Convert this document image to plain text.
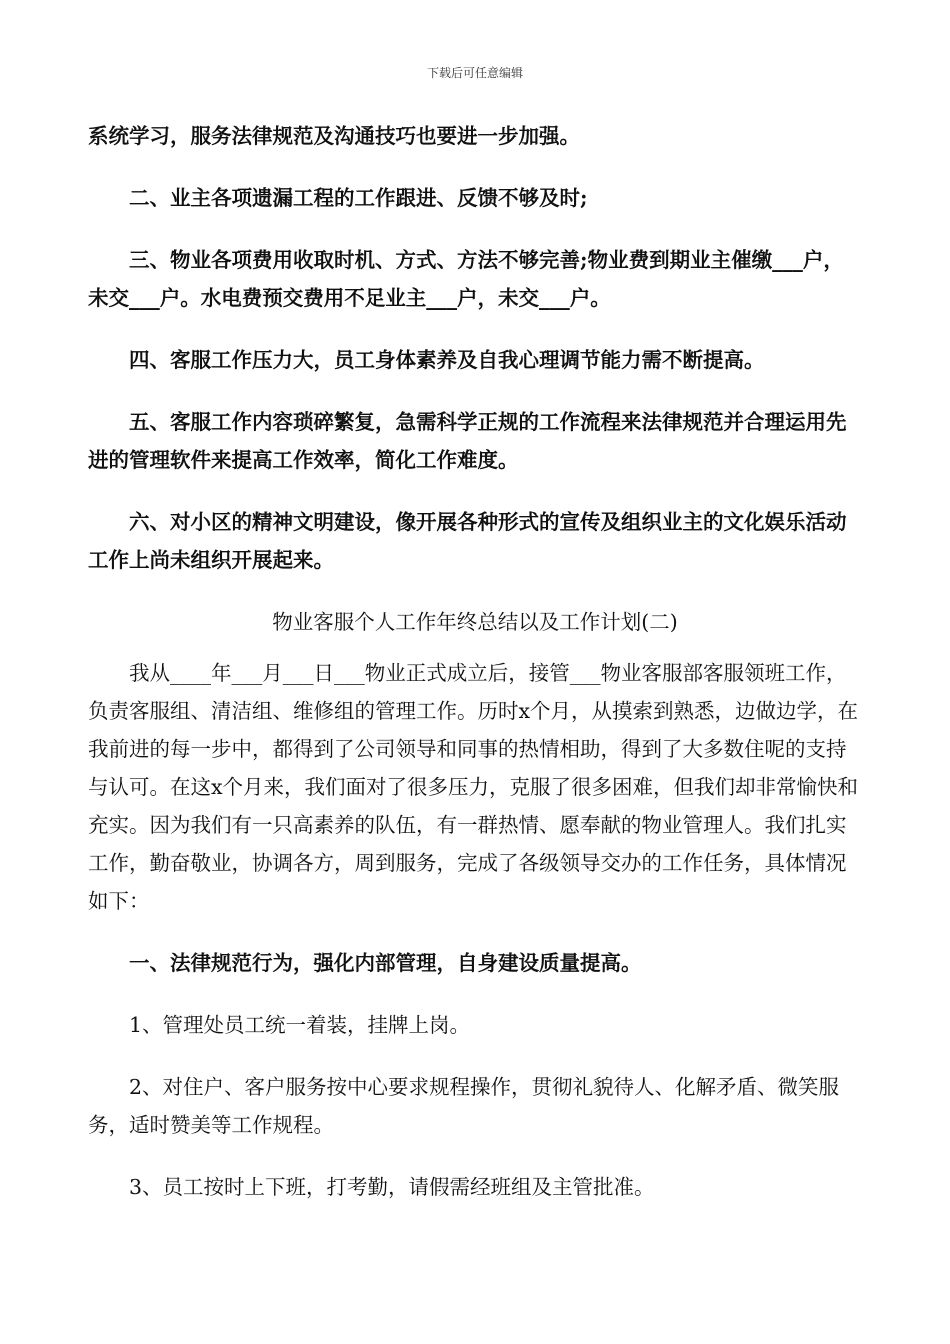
下载后可任意编辑

系统学习，服务法律规范及沟通技巧也要进一步加强。

二、业主各项遗漏工程的工作跟进、反馈不够及时;

三、物业各项费用收取时机、方式、方法不够完善;物业费到期业主催缴___户，未交___户。水电费预交费用不足业主___户，未交___户。

四、客服工作压力大，员工身体素养及自我心理调节能力需不断提高。

五、客服工作内容琐碎繁复，急需科学正规的工作流程来法律规范并合理运用先进的管理软件来提高工作效率，简化工作难度。

六、对小区的精神文明建设，像开展各种形式的宣传及组织业主的文化娱乐活动工作上尚未组织开展起来。

物业客服个人工作年终总结以及工作计划(二)

我从____年___月___日___物业正式成立后，接管___物业客服部客服领班工作，负责客服组、清洁组、维修组的管理工作。历时x个月，从摸索到熟悉，边做边学，在我前进的每一步中，都得到了公司领导和同事的热情相助，得到了大多数住呢的支持与认可。在这x个月来，我们面对了很多压力，克服了很多困难，但我们却非常愉快和充实。因为我们有一只高素养的队伍，有一群热情、愿奉献的物业管理人。我们扎实工作，勤奋敬业，协调各方，周到服务，完成了各级领导交办的工作任务，具体情况如下：

一、法律规范行为，强化内部管理，自身建设质量提高。

1、管理处员工统一着装，挂牌上岗。

2、对住户、客户服务按中心要求规程操作，贯彻礼貌待人、化解矛盾、微笑服务，适时赞美等工作规程。

3、员工按时上下班，打考勤，请假需经班组及主管批准。
